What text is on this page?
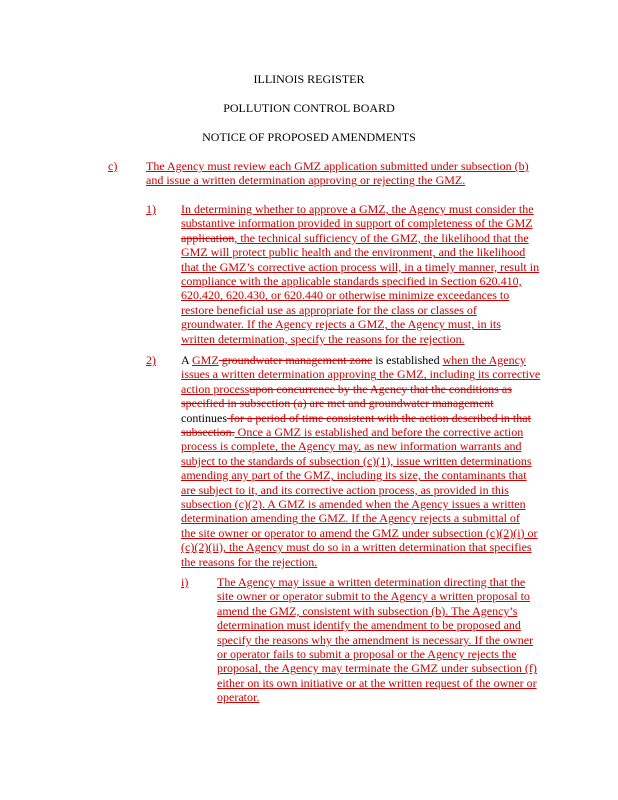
ILLINOIS REGISTER
POLLUTION CONTROL BOARD
NOTICE OF PROPOSED AMENDMENTS
c) The Agency must review each GMZ application submitted under subsection (b)
and issue a written determination approving or rejecting the GMZ.
1) In determining whether to approve a GMZ, the Agency must consider the
substantive information provided in support of completeness of the GMZ
application, the technical sufficiency of the GMZ, the likelihood that the
GMZ will protect public health and the environment, and the likelihood
that the GMZ’s corrective action process will, in a timely manner, result in
compliance with the applicable standards specified in Section 620.410,
620.420, 620.430, or 620.440 or otherwise minimize exceedances to
restore beneficial use as appropriate for the class or classes of
groundwater. If the Agency rejects a GMZ, the Agency must, in its
written determination, specify the reasons for the rejection.
2) A GMZ groundwater management zone is established when the Agency
issues a written determination approving the GMZ, including its corrective
action processupon concurrence by the Agency that the conditions as
specified in subsection (a) are met and groundwater management
continues for a period of time consistent with the action described in that
subsection. Once a GMZ is established and before the corrective action
process is complete, the Agency may, as new information warrants and
subject to the standards of subsection (c)(1), issue written determinations
amending any part of the GMZ, including its size, the contaminants that
are subject to it, and its corrective action process, as provided in this
subsection (c)(2). A GMZ is amended when the Agency issues a written
determination amending the GMZ. If the Agency rejects a submittal of
the site owner or operator to amend the GMZ under subsection (c)(2)(i) or
(c)(2)(ii), the Agency must do so in a written determination that specifies
the reasons for the rejection.
i) The Agency may issue a written determination directing that the
site owner or operator submit to the Agency a written proposal to
amend the GMZ, consistent with subsection (b). The Agency’s
determination must identify the amendment to be proposed and
specify the reasons why the amendment is necessary. If the owner
or operator fails to submit a proposal or the Agency rejects the
proposal, the Agency may terminate the GMZ under subsection (f)
either on its own initiative or at the written request of the owner or
operator.
